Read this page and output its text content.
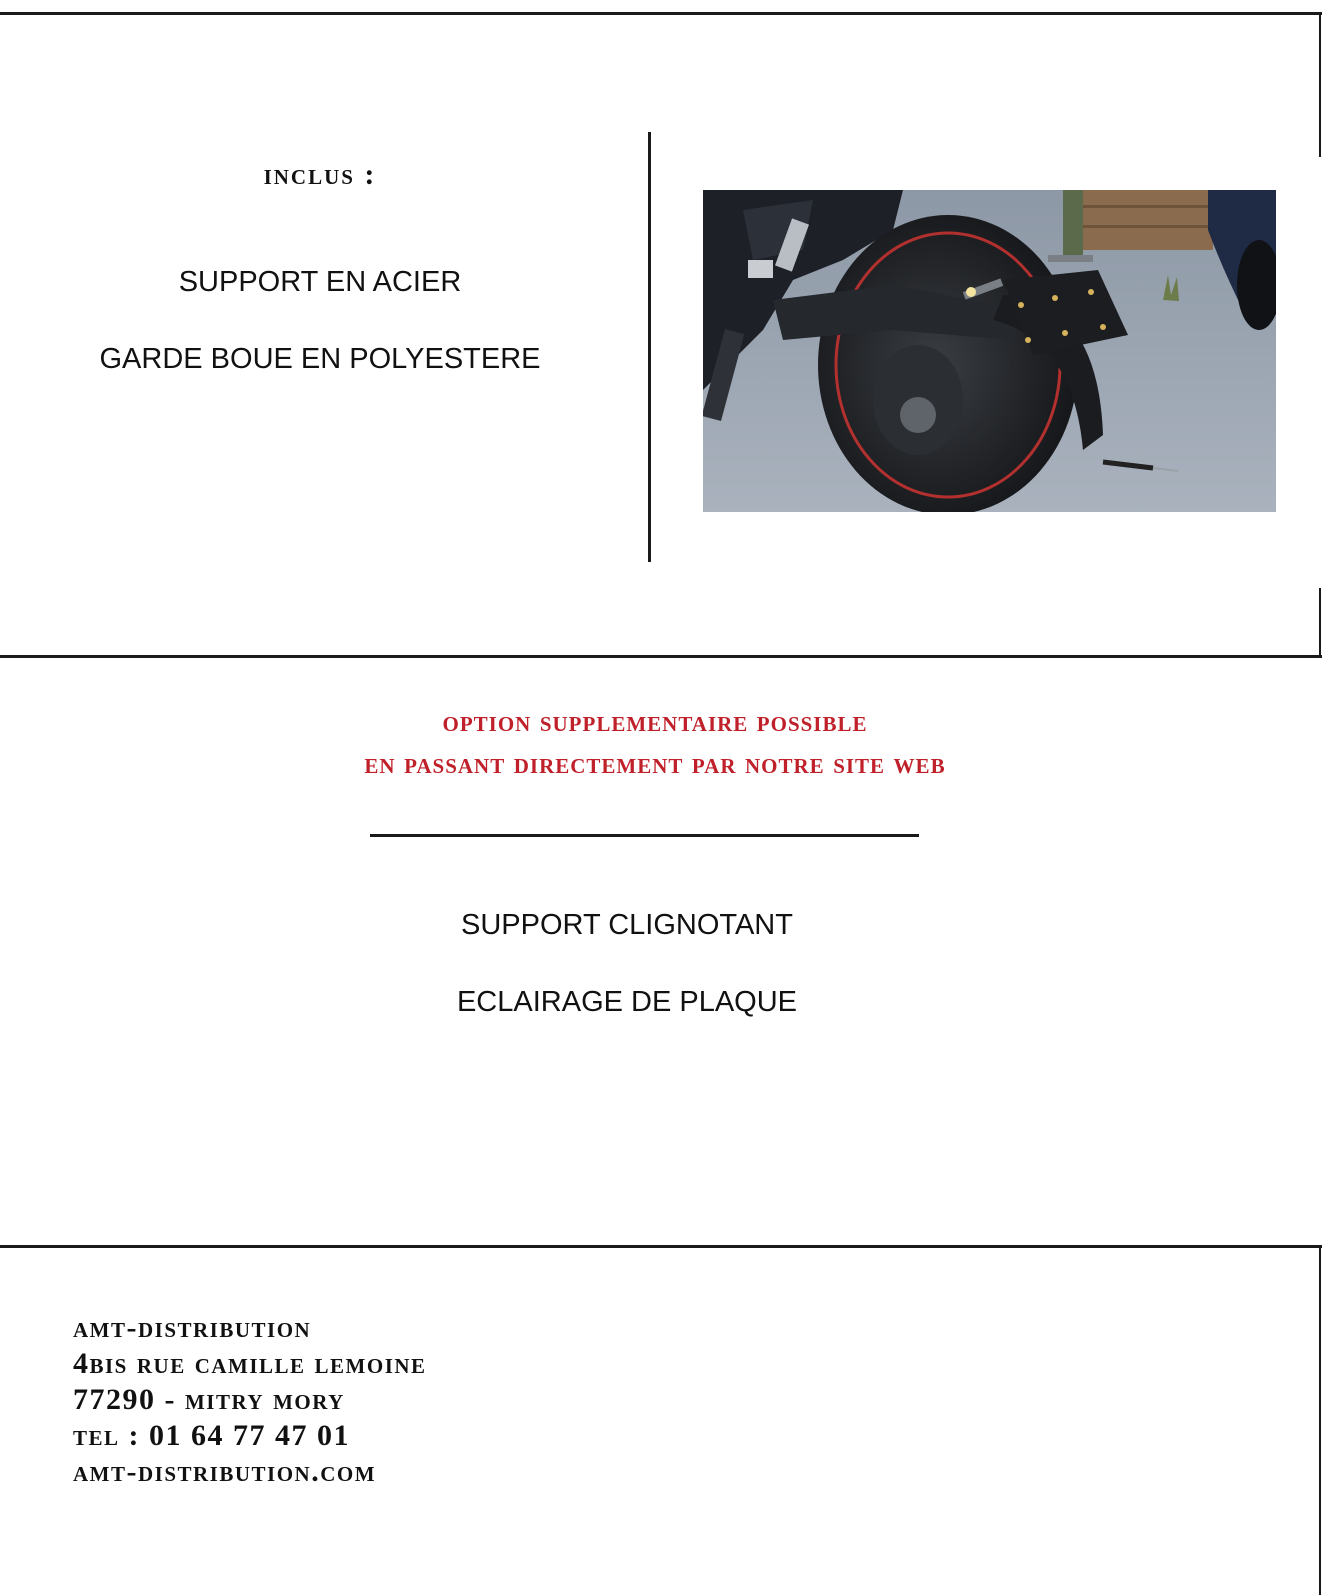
inclus :
SUPPORT EN ACIER
GARDE BOUE EN POLYESTERE
option supplementaire possible
en passant directement par notre site web
SUPPORT CLIGNOTANT
ECLAIRAGE DE PLAQUE
amt-distribution
4bis rue camille lemoine
77290 - mitry mory
tel : 01 64 77 47 01
amt-distribution.com
